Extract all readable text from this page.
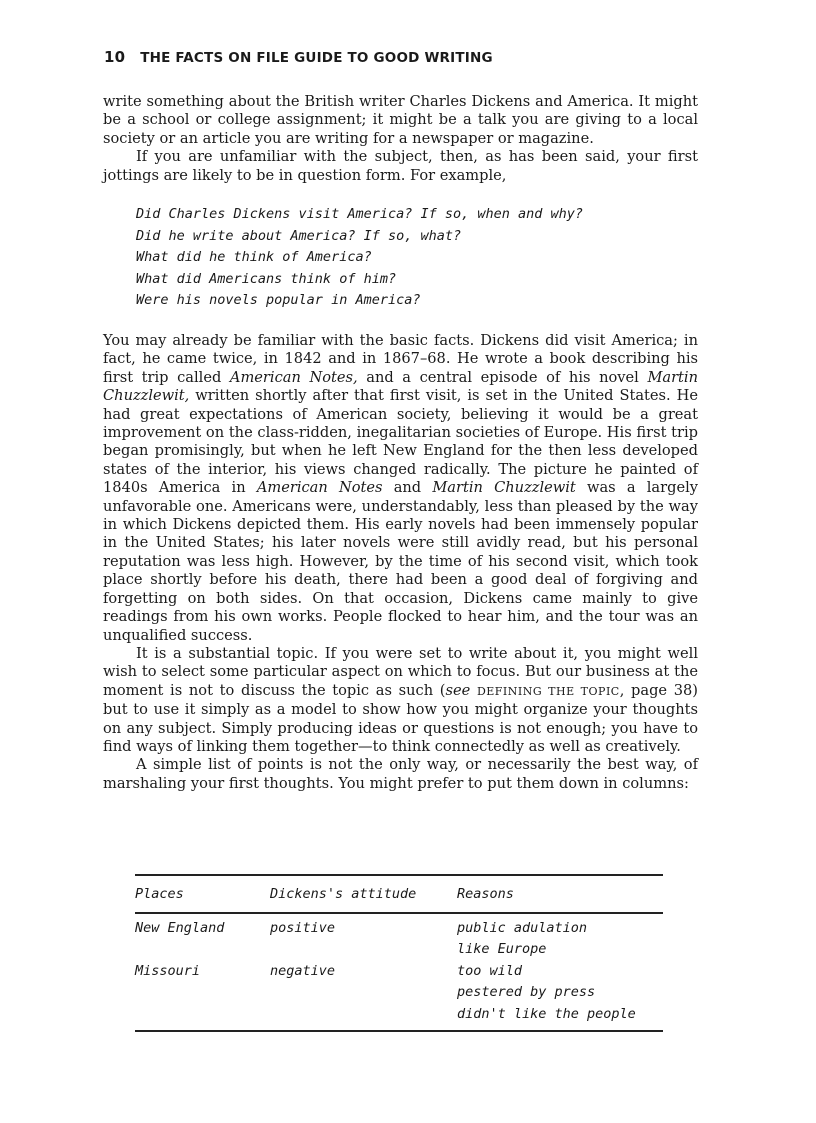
10 THE FACTS ON FILE GUIDE TO GOOD WRITING

write something about the British writer Charles Dickens and America. It might be a school or college assignment; it might be a talk you are giving to a local society or an article you are writing for a newspaper or magazine.

If you are unfamiliar with the subject, then, as has been said, your first jottings are likely to be in question form. For example,

Did Charles Dickens visit America? If so, when and why?
Did he write about America? If so, what?
What did he think of America?
What did Americans think of him?
Were his novels popular in America?

You may already be familiar with the basic facts. Dickens did visit America; in fact, he came twice, in 1842 and in 1867–68. He wrote a book describing his first trip called American Notes, and a central episode of his novel Martin Chuzzlewit, written shortly after that first visit, is set in the United States. He had great expectations of American society, believing it would be a great improvement on the class-ridden, inegalitarian societies of Europe. His first trip began promisingly, but when he left New England for the then less developed states of the interior, his views changed radically. The picture he painted of 1840s America in American Notes and Martin Chuzzlewit was a largely unfavorable one. Americans were, understandably, less than pleased by the way in which Dickens depicted them. His early novels had been immensely popular in the United States; his later novels were still avidly read, but his personal reputation was less high. However, by the time of his second visit, which took place shortly before his death, there had been a good deal of forgiving and forgetting on both sides. On that occasion, Dickens came mainly to give readings from his own works. People flocked to hear him, and the tour was an unqualified success.

It is a substantial topic. If you were set to write about it, you might well wish to select some particular aspect on which to focus. But our business at the moment is not to discuss the topic as such (see DEFINING THE TOPIC, page 38) but to use it simply as a model to show how you might organize your thoughts on any subject. Simply producing ideas or questions is not enough; you have to find ways of linking them together—to think connectedly as well as creatively.

A simple list of points is not the only way, or necessarily the best way, of marshaling your first thoughts. You might prefer to put them down in columns:

Places	Dickens's attitude	Reasons
New England	positive	public adulation
like Europe
Missouri	negative	too wild
pestered by press
didn't like the people
